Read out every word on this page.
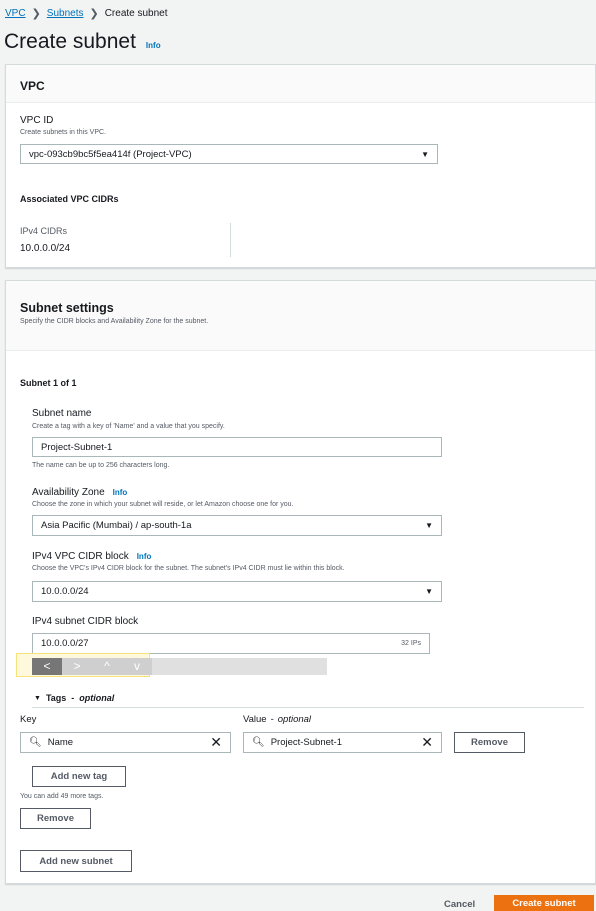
VPC ❯ Subnets ❯ Create subnet
Create subnet Info
VPC
VPC ID
Create subnets in this VPC.
vpc-093cb9bc5f5ea414f (Project-VPC)	▼
Associated VPC CIDRs
IPv4 CIDRs
10.0.0.0/24
Subnet settings
Specify the CIDR blocks and Availability Zone for the subnet.
Subnet 1 of 1
Subnet name
Create a tag with a key of 'Name' and a value that you specify.
Project-Subnet-1
The name can be up to 256 characters long.
Availability Zone Info
Choose the zone in which your subnet will reside, or let Amazon choose one for you.
Asia Pacific (Mumbai) / ap-south-1a	▼
IPv4 VPC CIDR block Info
Choose the VPC's IPv4 CIDR block for the subnet. The subnet's IPv4 CIDR must lie within this block.
10.0.0.0/24	▼
IPv4 subnet CIDR block
10.0.0.0/27	32 IPs
<	>	^	v
▼ Tags - optional
Key	Value - optional
🔍︎ Name	✕	🔍︎ Project-Subnet-1	✕	Remove
Add new tag
You can add 49 more tags.
Remove
Add new subnet
Cancel	Create subnet
